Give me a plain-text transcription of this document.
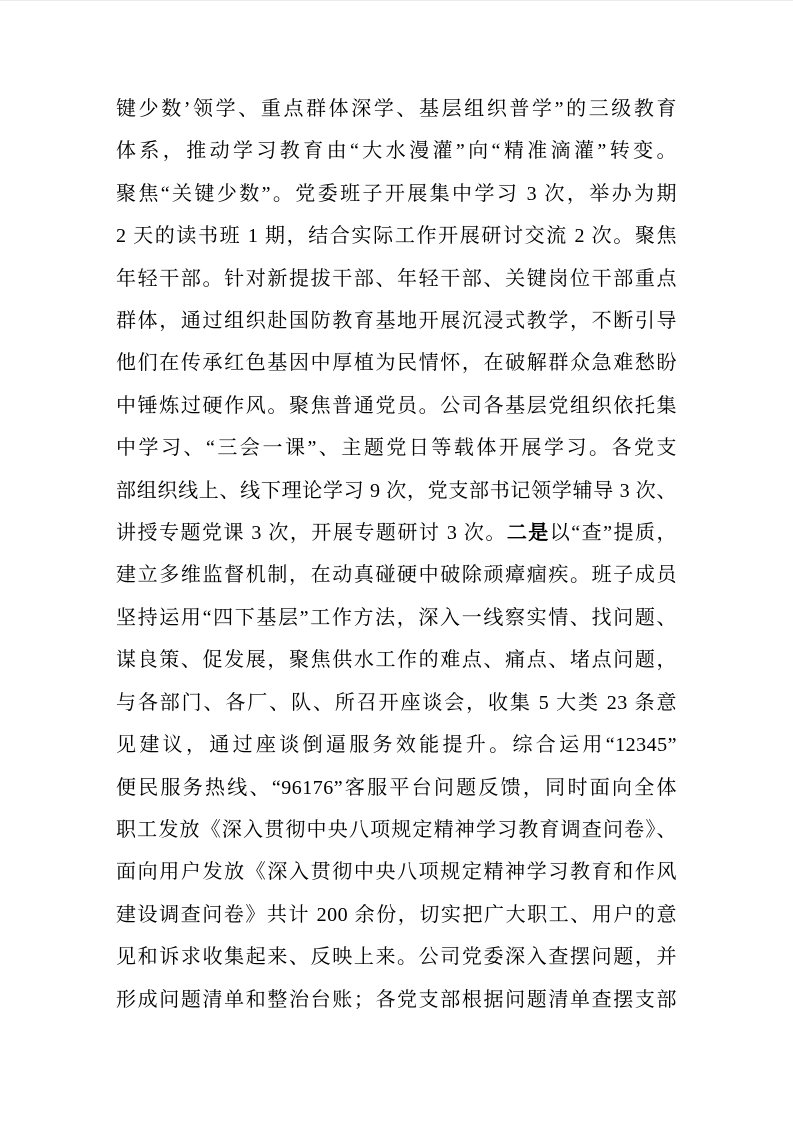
键少数’领学、重点群体深学、基层组织普学”的三级教育
体系，推动学习教育由“大水漫灌”向“精准滴灌”转变。
聚焦“关键少数”。党委班子开展集中学习 3 次，举办为期
2 天的读书班 1 期，结合实际工作开展研讨交流 2 次。聚焦
年轻干部。针对新提拔干部、年轻干部、关键岗位干部重点
群体，通过组织赴国防教育基地开展沉浸式教学，不断引导
他们在传承红色基因中厚植为民情怀，在破解群众急难愁盼
中锤炼过硬作风。聚焦普通党员。公司各基层党组织依托集
中学习、“三会一课”、主题党日等载体开展学习。各党支
部组织线上、线下理论学习 9 次，党支部书记领学辅导 3 次、
讲授专题党课 3 次，开展专题研讨 3 次。二是以“查”提质，
建立多维监督机制，在动真碰硬中破除顽瘴痼疾。班子成员
坚持运用“四下基层”工作方法，深入一线察实情、找问题、
谋良策、促发展，聚焦供水工作的难点、痛点、堵点问题，
与各部门、各厂、队、所召开座谈会，收集 5 大类 23 条意
见建议，通过座谈倒逼服务效能提升。综合运用“12345”
便民服务热线、“96176”客服平台问题反馈，同时面向全体
职工发放《深入贯彻中央八项规定精神学习教育调查问卷》、
面向用户发放《深入贯彻中央八项规定精神学习教育和作风
建设调查问卷》共计 200 余份，切实把广大职工、用户的意
见和诉求收集起来、反映上来。公司党委深入查摆问题，并
形成问题清单和整治台账；各党支部根据问题清单查摆支部
